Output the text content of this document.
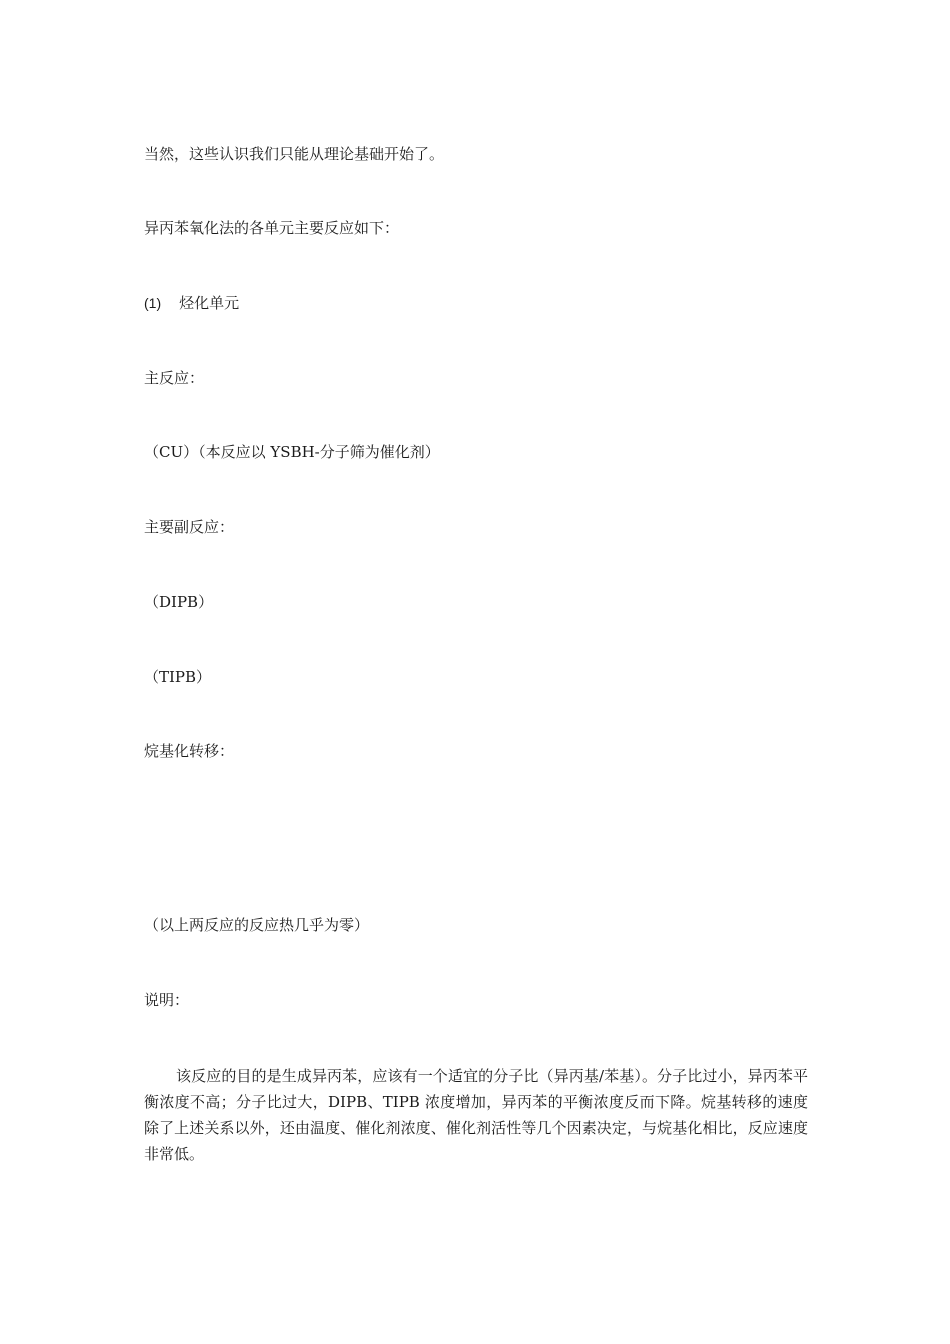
当然，这些认识我们只能从理论基础开始了。
异丙苯氧化法的各单元主要反应如下：
(1) 烃化单元
主反应：
（CU）（本反应以 YSBH-分子筛为催化剂）
主要副反应：
（DIPB）
（TIPB）
烷基化转移：
（以上两反应的反应热几乎为零）
说明：
该反应的目的是生成异丙苯，应该有一个适宜的分子比（异丙基/苯基）。分子比过小，异丙苯平衡浓度不高；分子比过大，DIPB、TIPB 浓度增加，异丙苯的平衡浓度反而下降。烷基转移的速度除了上述关系以外，还由温度、催化剂浓度、催化剂活性等几个因素决定，与烷基化相比，反应速度非常低。
